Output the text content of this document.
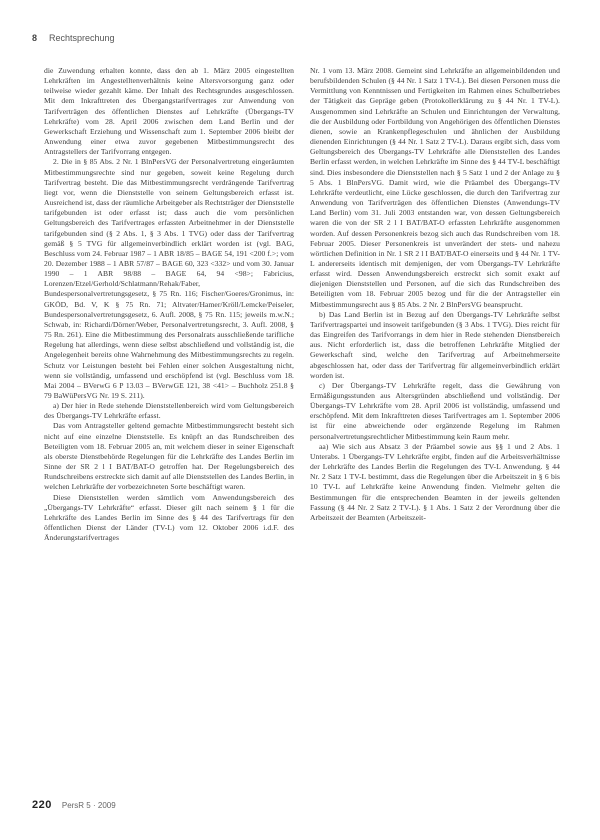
8 Rechtsprechung

die Zuwendung erhalten konnte, dass den ab 1. März 2005 eingestellten Lehrkräften im Angestelltenverhältnis keine Altersvorsorgung ganz oder teilweise wieder gezahlt käme. Der Inhalt des Rechtsgrundes ausgeschlossen. Mit dem Inkrafttreten des Übergangstarifvertrages zur Anwendung von Tarifverträgen des öffentlichen Dienstes auf Lehrkräfte (Übergangs-TV Lehrkräfte) vom 28. April 2006 zwischen dem Land Berlin und der Gewerkschaft Erziehung und Wissenschaft zum 1. September 2006 bleibt der Anwendung einer etwa zuvor gegebenen Mitbestimmungsrecht des Antragstellers der Tarifvorrang entgegen.

2. Die in § 85 Abs. 2 Nr. 1 BlnPersVG der Personalvertretung eingeräumten Mitbestimmungsrechte sind nur gegeben, soweit keine Regelung durch Tarifvertrag besteht. Die das Mitbestimmungsrecht verdrängende Tarifvertrag liegt vor, wenn die Dienststelle von seinem Geltungsbereich erfasst ist. Ausreichend ist, dass der räumliche Arbeitgeber als Rechtsträger der Dienststelle tarifgebunden ist oder erfasst ist; dass auch die vom persönlichen Geltungsbereich des Tarifvertrages erfassten Arbeitnehmer in der Dienststelle tarifgebunden sind (§ 2 Abs. 1, § 3 Abs. 1 TVG) oder dass der Tarifvertrag gemäß § 5 TVG für allgemeinverbindlich erklärt worden ist (vgl. BAG, Beschluss vom 24. Februar 1987 – 1 ABR 18/85 – BAGE 54, 191 <200 f.>; vom 20. Dezember 1988 – 1 ABR 57/87 – BAGE 60, 323 <332> und vom 30. Januar 1990 – 1 ABR 98/88 – BAGE 64, 94 <98>; Fabricius, Lorenzen/Etzel/Gerhold/Schlatmann/Rehak/Faber, Bundespersonalvertretungsgesetz, § 75 Rn. 116; Fischer/Goeres/Gronimus, in: GKÖD, Bd. V, K § 75 Rn. 71; Altvater/Hamer/Kröll/Lemcke/Peiseler, Bundespersonalvertretungsgesetz, 6. Aufl. 2008, § 75 Rn. 115; jeweils m.w.N.; Schwab, in: Richardi/Dörner/Weber, Personalvertretungsrecht, 3. Aufl. 2008, § 75 Rn. 261). Eine die Mitbestimmung des Personalrats ausschließende tarifliche Regelung hat allerdings, wenn diese selbst abschließend und vollständig ist, die Angelegenheit bereits ohne Wahrnehmung des Mitbestimmungsrechts zu regeln. Schutz vor Leistungen besteht bei Fehlen einer solchen Ausgestaltung nicht, wenn sie vollständig, umfassend und erschöpfend ist (vgl. Beschluss vom 18. Mai 2004 – BVerwG 6 P 13.03 – BVerwGE 121, 38 <41> – Buchholz 251.8 § 79 BaWüPersVG Nr. 19 S. 211).

a) Der hier in Rede stehende Dienststellenbereich wird vom Geltungsbereich des Übergangs-TV Lehrkräfte erfasst.

Das vom Antragsteller geltend gemachte Mitbestimmungsrecht besteht sich nicht auf eine einzelne Dienststelle. Es knüpft an das Rundschreiben des Beteiligten vom 18. Februar 2005 an, mit welchem dieser in seiner Eigenschaft als oberste Dienstbehörde Regelungen für die Lehrkräfte des Landes Berlin im Sinne der SR 2 l I BAT/BAT-O getroffen hat. Der Regelungsbereich des Rundschreibens erstreckte sich damit auf alle Dienststellen des Landes Berlin, in welchen Lehrkräfte der vorbezeichneten Sorte beschäftigt waren.

Diese Dienststellen werden sämtlich vom Anwendungsbereich des „Übergangs-TV Lehrkräfte“ erfasst. Dieser gilt nach seinem § 1 für die Lehrkräfte des Landes Berlin im Sinne des § 44 des Tarifvertrags für den öffentlichen Dienst der Länder (TV-L) vom 12. Oktober 2006 i.d.F. des Änderungstarifvertrages

Nr. 1 vom 13. März 2008. Gemeint sind Lehrkräfte an allgemeinbildenden und berufsbildenden Schulen (§ 44 Nr. 1 Satz 1 TV-L). Bei diesen Personen muss die Vermittlung von Kenntnissen und Fertigkeiten im Rahmen eines Schulbetriebes der Tätigkeit das Gepräge geben (Protokollerklärung zu § 44 Nr. 1 TV-L). Ausgenommen sind Lehrkräfte an Schulen und Einrichtungen der Verwaltung, die der Ausbildung oder Fortbildung von Angehörigen des öffentlichen Dienstes dienen, sowie an Krankenpflegeschulen und ähnlichen der Ausbildung dienenden Einrichtungen (§ 44 Nr. 1 Satz 2 TV-L). Daraus ergibt sich, dass vom Geltungsbereich des Übergangs-TV Lehrkräfte alle Dienststellen des Landes Berlin erfasst werden, in welchen Lehrkräfte im Sinne des § 44 TV-L beschäftigt sind. Dies insbesondere die Dienststellen nach § 5 Satz 1 und 2 der Anlage zu § 5 Abs. 1 BlnPersVG. Damit wird, wie die Präambel des Übergangs-TV Lehrkräfte verdeutlicht, eine Lücke geschlossen, die durch den Tarifvertrag zur Anwendung von Tarifverträgen des öffentlichen Dienstes (Anwendungs-TV Land Berlin) vom 31. Juli 2003 entstanden war, von dessen Geltungsbereich waren die von der SR 2 l I BAT/BAT-O erfassten Lehrkräfte ausgenommen worden. Auf dessen Personenkreis bezog sich auch das Rundschreiben vom 18. Februar 2005. Dieser Personenkreis ist unverändert der stets- und nahezu wörtlichen Definition in Nr. 1 SR 2 l I BAT/BAT-O einerseits und § 44 Nr. 1 TV-L andererseits identisch mit demjenigen, der vom Übergangs-TV Lehrkräfte erfasst wird. Dessen Anwendungsbereich erstreckt sich somit exakt auf diejenigen Dienststellen und Personen, auf die sich das Rundschreiben des Beteiligten vom 18. Februar 2005 bezog und für die der Antragsteller ein Mitbestimmungsrecht aus § 85 Abs. 2 Nr. 2 BlnPersVG beansprucht.

b) Das Land Berlin ist in Bezug auf den Übergangs-TV Lehrkräfte selbst Tarifvertragspartei und insoweit tarifgebunden (§ 3 Abs. 1 TVG). Dies reicht für das Eingreifen des Tarifvorrangs in dem hier in Rede stehenden Dienstbereich aus. Nicht erforderlich ist, dass die betroffenen Lehrkräfte Mitglied der Gewerkschaft sind, welche den Tarifvertrag auf Arbeitnehmerseite abgeschlossen hat, oder dass der Tarifvertrag für allgemeinverbindlich erklärt worden ist.

c) Der Übergangs-TV Lehrkräfte regelt, dass die Gewährung von Ermäßigungsstunden aus Altersgründen abschließend und vollständig. Der Übergangs-TV Lehrkräfte vom 28. April 2006 ist vollständig, umfassend und erschöpfend. Mit dem Inkrafttreten dieses Tarifvertrages am 1. September 2006 ist für eine abweichende oder ergänzende Regelung im Rahmen personalvertretungsrechtlicher Mitbestimmung kein Raum mehr.

aa) Wie sich aus Absatz 3 der Präambel sowie aus §§ 1 und 2 Abs. 1 Unterabs. 1 Übergangs-TV Lehrkräfte ergibt, finden auf die Arbeitsverhältnisse der Lehrkräfte des Landes Berlin die Regelungen des TV-L Anwendung. § 44 Nr. 2 Satz 1 TV-L bestimmt, dass die Regelungen über die Arbeitszeit in § 6 bis 10 TV-L auf Lehrkräfte keine Anwendung finden. Vielmehr gelten die Bestimmungen für die entsprechenden Beamten in der jeweils geltenden Fassung (§ 44 Nr. 2 Satz 2 TV-L). § 1 Abs. 1 Satz 2 der Verordnung über die Arbeitszeit der Beamten (Arbeitszeit-

220 PersR 5 · 2009
